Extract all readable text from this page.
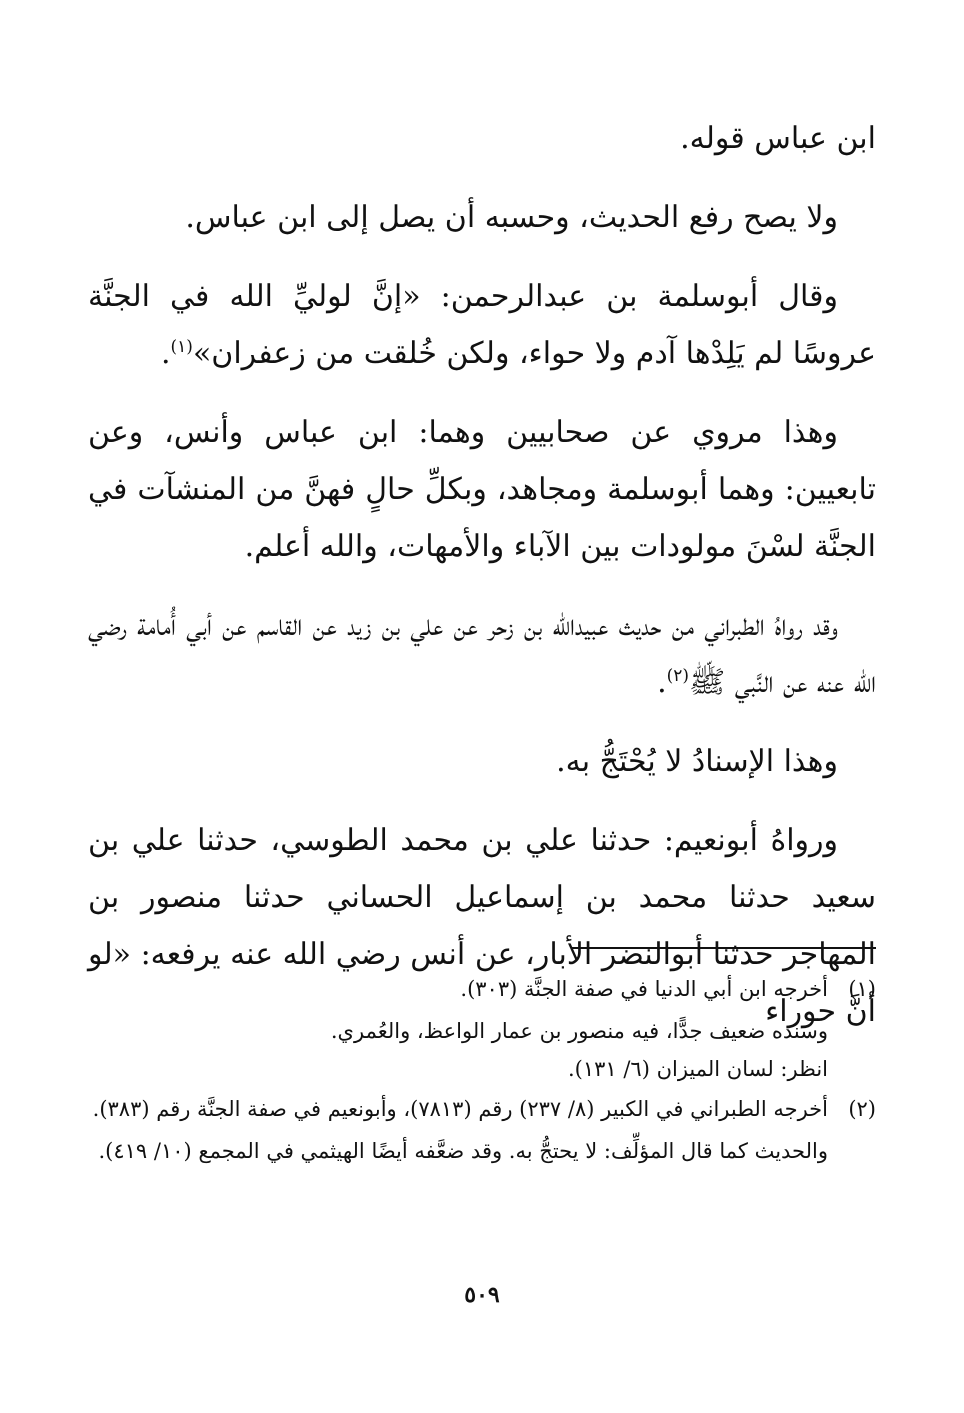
ابن عباس قوله.

ولا يصح رفع الحديث، وحسبه أن يصل إلى ابن عباس.

وقال أبوسلمة بن عبدالرحمن: «إنَّ لوليِّ الله في الجنَّة عروسًا لم يَلِدْها آدم ولا حواء، ولكن خُلقت من زعفران»$^{(١)}$.

وهذا مروي عن صحابيين وهما: ابن عباس وأنس، وعن تابعيين: وهما أبوسلمة ومجاهد، وبكلِّ حالٍ فهنَّ من المنشآت في الجنَّة لسْنَ مولودات بين الآباء والأمهات، والله أعلم.

وقد رواهُ الطبراني من حديث عبيدالله بن زحر عن علي بن زيد عن القاسم عن أبي أُمامة رضي الله عنه عن النَّبي ﷺ$^{(٢)}$.

وهذا الإسنادُ لا يُحْتَجُّ به.

ورواهُ أبونعيم: حدثنا علي بن محمد الطوسي، حدثنا علي بن سعيد حدثنا محمد بن إسماعيل الحساني حدثنا منصور بن المهاجر حدثنا أبوالنضر الأبار، عن أنس رضي الله عنه يرفعه: «لو أنَّ حوراء

(١)
أخرجه ابن أبي الدنيا في صفة الجنَّة (٣٠٣).
وسنده ضعيف جدًّا، فيه منصور بن عمار الواعظ، والعُمري.
انظر: لسان الميزان (٦/ ١٣١).
(٢)
أخرجه الطبراني في الكبير (٨/ ٢٣٧) رقم (٧٨١٣)، وأبونعيم في صفة الجنَّة رقم (٣٨٣).
والحديث كما قال المؤلِّف: لا يحتجُّ به. وقد ضعَّفه أيضًا الهيثمي في المجمع (١٠/ ٤١٩).
٥٠٩
